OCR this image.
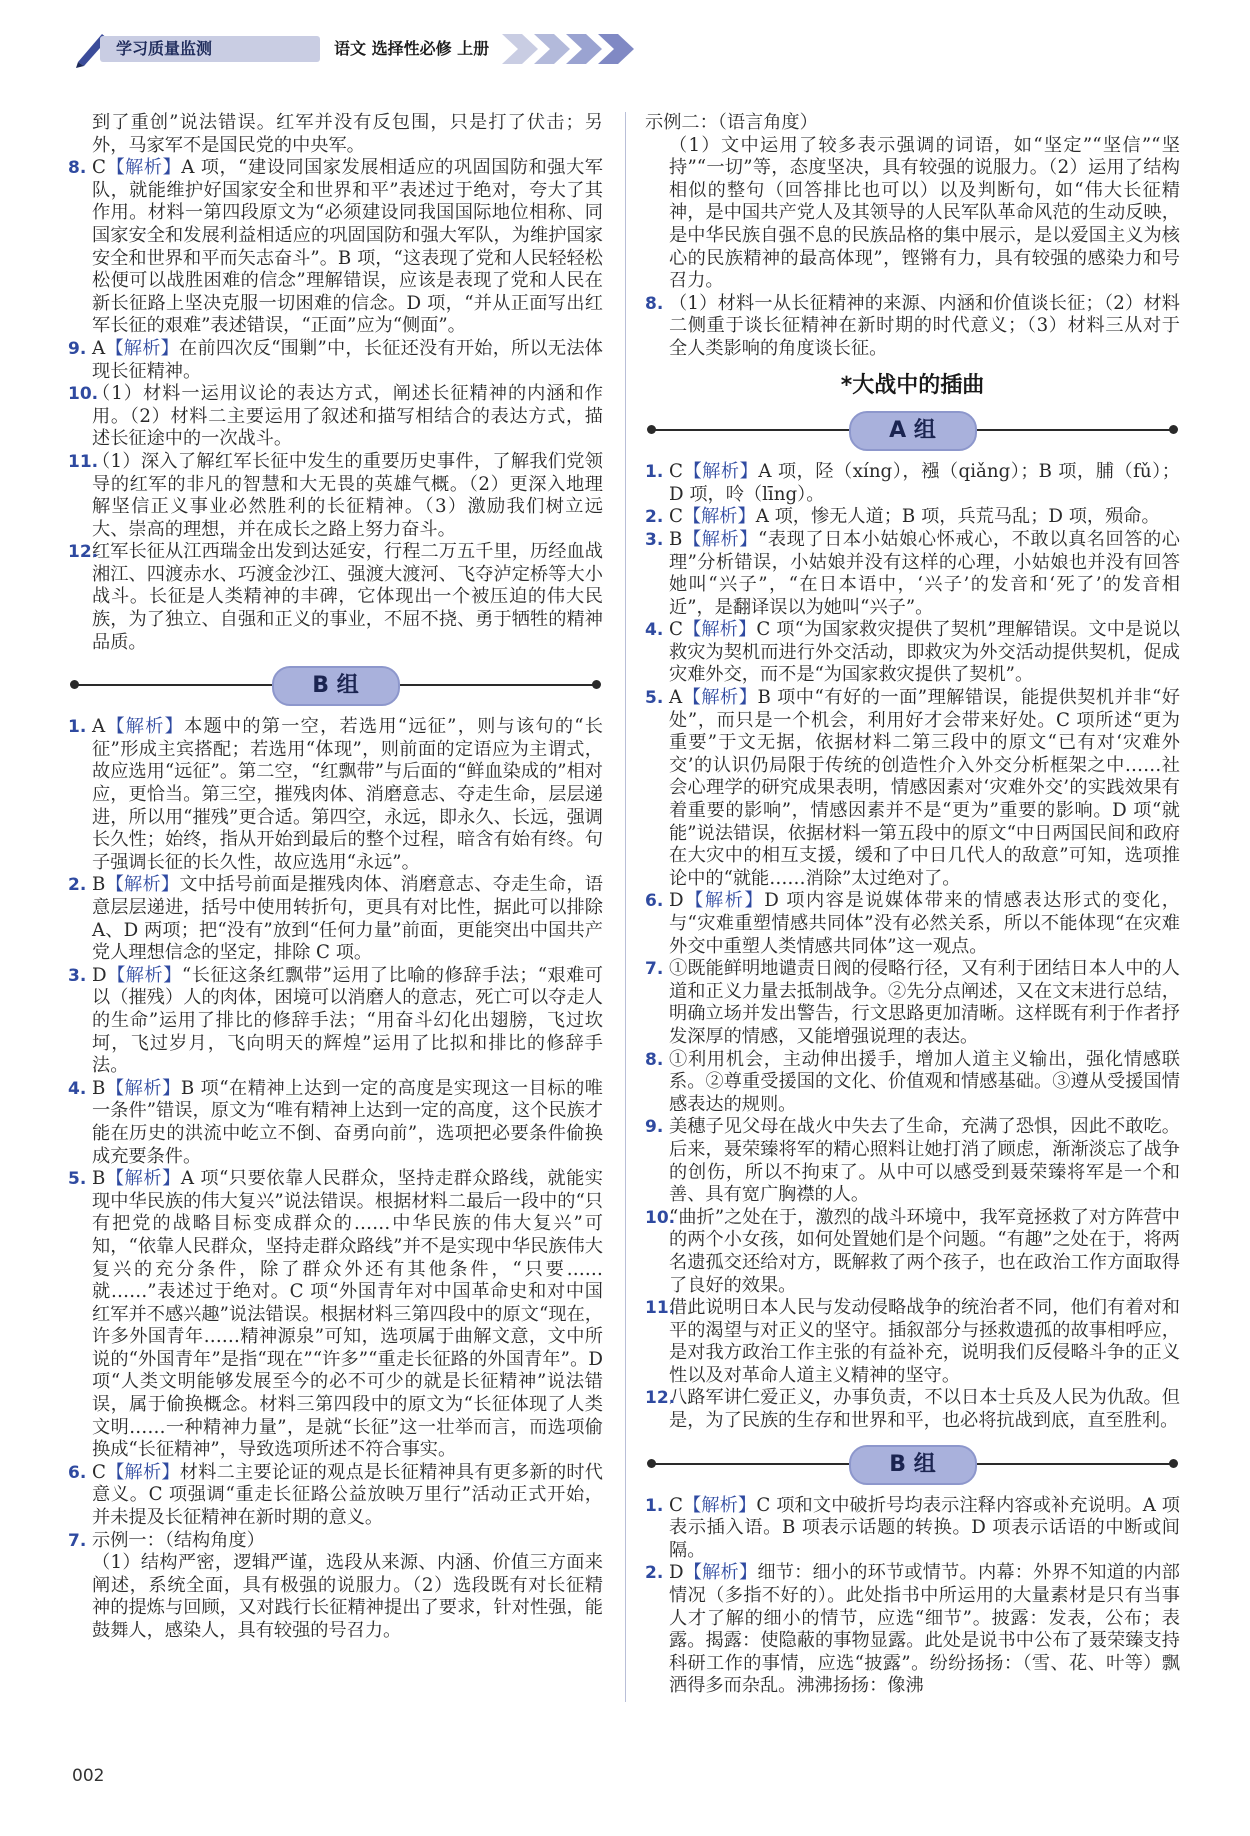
学习质量监测	语文 选择性必修 上册

到了重创”说法错误。红军并没有反包围，只是打了伏击；另外，马家军不是国民党的中央军。

8. C【解析】A 项，“建设同国家发展相适应的巩固国防和强大军队，就能维护好国家安全和世界和平”表述过于绝对，夸大了其作用。材料一第四段原文为“必须建设同我国国际地位相称、同国家安全和发展利益相适应的巩固国防和强大军队，为维护国家安全和世界和平而矢志奋斗”。B 项，“这表现了党和人民轻轻松松便可以战胜困难的信念”理解错误，应该是表现了党和人民在新长征路上坚决克服一切困难的信念。D 项，“并从正面写出红军长征的艰难”表述错误，“正面”应为“侧面”。

9. A【解析】在前四次反“围剿”中，长征还没有开始，所以无法体现长征精神。

10.
（1）材料一运用议论的表达方式，阐述长征精神的内涵和作用。（2）材料二主要运用了叙述和描写相结合的表达方式，描述长征途中的一次战斗。

11.
（1）深入了解红军长征中发生的重要历史事件，了解我们党领导的红军的非凡的智慧和大无畏的英雄气概。（2）更深入地理解坚信正义事业必然胜利的长征精神。（3）激励我们树立远大、崇高的理想，并在成长之路上努力奋斗。

12.
红军长征从江西瑞金出发到达延安，行程二万五千里，历经血战湘江、四渡赤水、巧渡金沙江、强渡大渡河、飞夺泸定桥等大小战斗。长征是人类精神的丰碑，它体现出一个被压迫的伟大民族，为了独立、自强和正义的事业，不屈不挠、勇于牺牲的精神品质。

B 组

1. A【解析】本题中的第一空，若选用“远征”，则与该句的“长征”形成主宾搭配；若选用“体现”，则前面的定语应为主谓式，故应选用“远征”。第二空，“红飘带”与后面的“鲜血染成的”相对应，更恰当。第三空，摧残肉体、消磨意志、夺走生命，层层递进，所以用“摧残”更合适。第四空，永远，即永久、长远，强调长久性；始终，指从开始到最后的整个过程，暗含有始有终。句子强调长征的长久性，故应选用“永远”。

2. B【解析】文中括号前面是摧残肉体、消磨意志、夺走生命，语意层层递进，括号中使用转折句，更具有对比性，据此可以排除 A、D 两项；把“没有”放到“任何力量”前面，更能突出中国共产党人理想信念的坚定，排除 C 项。

3. D【解析】“长征这条红飘带”运用了比喻的修辞手法；“艰难可以（摧残）人的肉体，困境可以消磨人的意志，死亡可以夺走人的生命”运用了排比的修辞手法；“用奋斗幻化出翅膀，飞过坎坷，飞过岁月，飞向明天的辉煌”运用了比拟和排比的修辞手法。

4. B【解析】B 项“在精神上达到一定的高度是实现这一目标的唯一条件”错误，原文为“唯有精神上达到一定的高度，这个民族才能在历史的洪流中屹立不倒、奋勇向前”，选项把必要条件偷换成充要条件。

5. B【解析】A 项“只要依靠人民群众，坚持走群众路线，就能实现中华民族的伟大复兴”说法错误。根据材料二最后一段中的“只有把党的战略目标变成群众的……中华民族的伟大复兴”可知，“依靠人民群众，坚持走群众路线”并不是实现中华民族伟大复兴的充分条件，除了群众外还有其他条件，“只要……就……”表述过于绝对。C 项“外国青年对中国革命史和对中国红军并不感兴趣”说法错误。根据材料三第四段中的原文“现在，许多外国青年……精神源泉”可知，选项属于曲解文意，文中所说的“外国青年”是指“现在”“许多”“重走长征路的外国青年”。D 项“人类文明能够发展至今的必不可少的就是长征精神”说法错误，属于偷换概念。材料三第四段中的原文为“长征体现了人类文明……一种精神力量”，是就“长征”这一壮举而言，而选项偷换成“长征精神”，导致选项所述不符合事实。

6. C【解析】材料二主要论证的观点是长征精神具有更多新的时代意义。C 项强调“重走长征路公益放映万里行”活动正式开始，并未提及长征精神在新时期的意义。

7. 示例一：（结构角度）

（1）结构严密，逻辑严谨，选段从来源、内涵、价值三方面来阐述，系统全面，具有极强的说服力。（2）选段既有对长征精神的提炼与回顾，又对践行长征精神提出了要求，针对性强，能鼓舞人，感染人，具有较强的号召力。

示例二：（语言角度）

（1）文中运用了较多表示强调的词语，如“坚定”“坚信”“坚持”“一切”等，态度坚决，具有较强的说服力。（2）运用了结构相似的整句（回答排比也可以）以及判断句，如“伟大长征精神，是中国共产党人及其领导的人民军队革命风范的生动反映，是中华民族自强不息的民族品格的集中展示，是以爱国主义为核心的民族精神的最高体现”，铿锵有力，具有较强的感染力和号召力。

8. （1）材料一从长征精神的来源、内涵和价值谈长征；（2）材料二侧重于谈长征精神在新时期的时代意义；（3）材料三从对于全人类影响的角度谈长征。

*大战中的插曲
A 组

1. C【解析】A 项，陉（xíng），襁（qiǎng）；B 项，脯（fǔ）；D 项，呤（līng）。

2. C【解析】A 项，惨无人道；B 项，兵荒马乱；D 项，殒命。

3. B【解析】“表现了日本小姑娘心怀戒心，不敢以真名回答的心理”分析错误，小姑娘并没有这样的心理，小姑娘也并没有回答她叫“兴子”，“在日本语中，‘兴子’的发音和‘死了’的发音相近”，是翻译误以为她叫“兴子”。

4. C【解析】C 项“为国家救灾提供了契机”理解错误。文中是说以救灾为契机而进行外交活动，即救灾为外交活动提供契机，促成灾难外交，而不是“为国家救灾提供了契机”。

5. A【解析】B 项中“有好的一面”理解错误，能提供契机并非“好处”，而只是一个机会，利用好才会带来好处。C 项所述“更为重要”于文无据，依据材料二第三段中的原文“已有对‘灾难外交’的认识仍局限于传统的创造性介入外交分析框架之中……社会心理学的研究成果表明，情感因素对‘灾难外交’的实践效果有着重要的影响”，情感因素并不是“更为”重要的影响。D 项“就能”说法错误，依据材料一第五段中的原文“中日两国民间和政府在大灾中的相互支援，缓和了中日几代人的敌意”可知，选项推论中的“就能……消除”太过绝对了。

6. D【解析】D 项内容是说媒体带来的情感表达形式的变化，与“灾难重塑情感共同体”没有必然关系，所以不能体现“在灾难外交中重塑人类情感共同体”这一观点。

7. ①既能鲜明地谴责日阀的侵略行径，又有利于团结日本人中的人道和正义力量去抵制战争。②先分点阐述，又在文末进行总结，明确立场并发出警告，行文思路更加清晰。这样既有利于作者抒发深厚的情感，又能增强说理的表达。

8. ①利用机会，主动伸出援手，增加人道主义输出，强化情感联系。②尊重受援国的文化、价值观和情感基础。③遵从受援国情感表达的规则。

9. 美穗子见父母在战火中失去了生命，充满了恐惧，因此不敢吃。后来，聂荣臻将军的精心照料让她打消了顾虑，渐渐淡忘了战争的创伤，所以不拘束了。从中可以感受到聂荣臻将军是一个和善、具有宽广胸襟的人。

10.
“曲折”之处在于，激烈的战斗环境中，我军竟拯救了对方阵营中的两个小女孩，如何处置她们是个问题。“有趣”之处在于，将两名遗孤交还给对方，既解救了两个孩子，也在政治工作方面取得了良好的效果。

11.
借此说明日本人民与发动侵略战争的统治者不同，他们有着对和平的渴望与对正义的坚守。插叙部分与拯救遗孤的故事相呼应，是对我方政治工作主张的有益补充，说明我们反侵略斗争的正义性以及对革命人道主义精神的坚守。

12.
八路军讲仁爱正义，办事负责，不以日本士兵及人民为仇敌。但是，为了民族的生存和世界和平，也必将抗战到底，直至胜利。

B 组

1. C【解析】C 项和文中破折号均表示注释内容或补充说明。A 项表示插入语。B 项表示话题的转换。D 项表示话语的中断或间隔。

2. D【解析】细节：细小的环节或情节。内幕：外界不知道的内部情况（多指不好的）。此处指书中所运用的大量素材是只有当事人才了解的细小的情节，应选“细节”。披露：发表，公布；表露。揭露：使隐蔽的事物显露。此处是说书中公布了聂荣臻支持科研工作的事情，应选“披露”。纷纷扬扬：（雪、花、叶等）飘洒得多而杂乱。沸沸扬扬：像沸

002
